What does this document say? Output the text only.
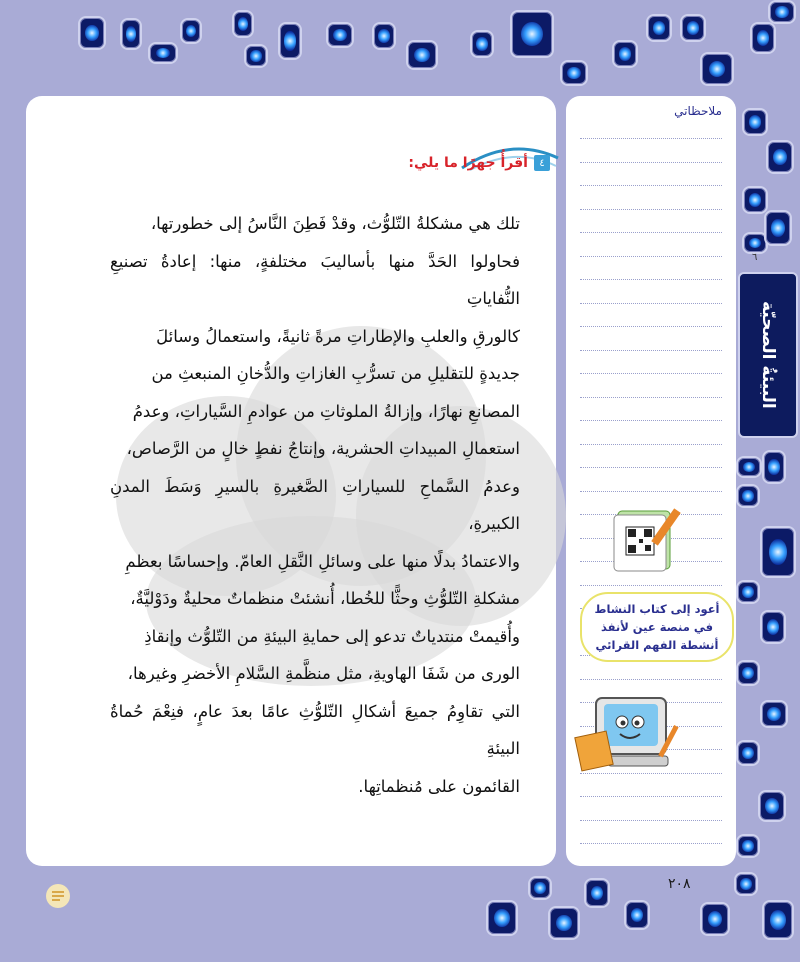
٤
أقرأُ جهرًا ما يلي:

تلك هي مشكلةُ التّلوُّث، وقدْ فَطِنَ النَّاسُ إلى خطورتها،

فحاولوا الحَدَّ منها بأساليبَ مختلفةٍ، منها: إعادةُ تصنيعِ النُّفاياتِ

كالورقِ والعلبِ والإطاراتِ مرةً ثانيةً، واستعمالُ وسائلَ

جديدةٍ للتقليلِ من تسرُّبِ الغازاتِ والدُّخانِ المنبعثِ من

المصانعِ نهارًا، وإزالةُ الملوثاتِ من عوادمِ السَّياراتِ، وعدمُ

استعمالِ المبيداتِ الحشرية، وإنتاجُ نفطٍ خالٍ من الرَّصاص،

وعدمُ السَّماحِ للسياراتِ الصَّغيرةِ بالسيرِ وَسَطَ المدنِ الكبيرةِ،

والاعتمادُ بدلًا منها على وسائلِ النَّقلِ العامّ. وإحساسًا بعظمِ

مشكلةِ التّلوُّثِ وحثًّا للخُطا، أُنشئتْ منظماتٌ محليةٌ ودَوْليَّةٌ،

وأُقيمتْ منتدياتٌ تدعو إلى حمايةِ البيئةِ من التّلوُّث وإنقاذِ

الورى من شَفَا الهاويةِ، مثل منظَّمةِ السَّلامِ الأخضرِ وغيرها،

التي تقاوِمُ جميعَ أشكالِ التّلوُّثِ عامًا بعدَ عامٍ، فنِعْمَ حُماةُ البيئةِ

القائمون على مُنظماتِها.

ملاحظاتي
٦
البيئةُ الصحيّة
أعود إلى كتاب النشاط في منصة عين لأنفذ أنشطة الفهم القرائي
٢٠٨
